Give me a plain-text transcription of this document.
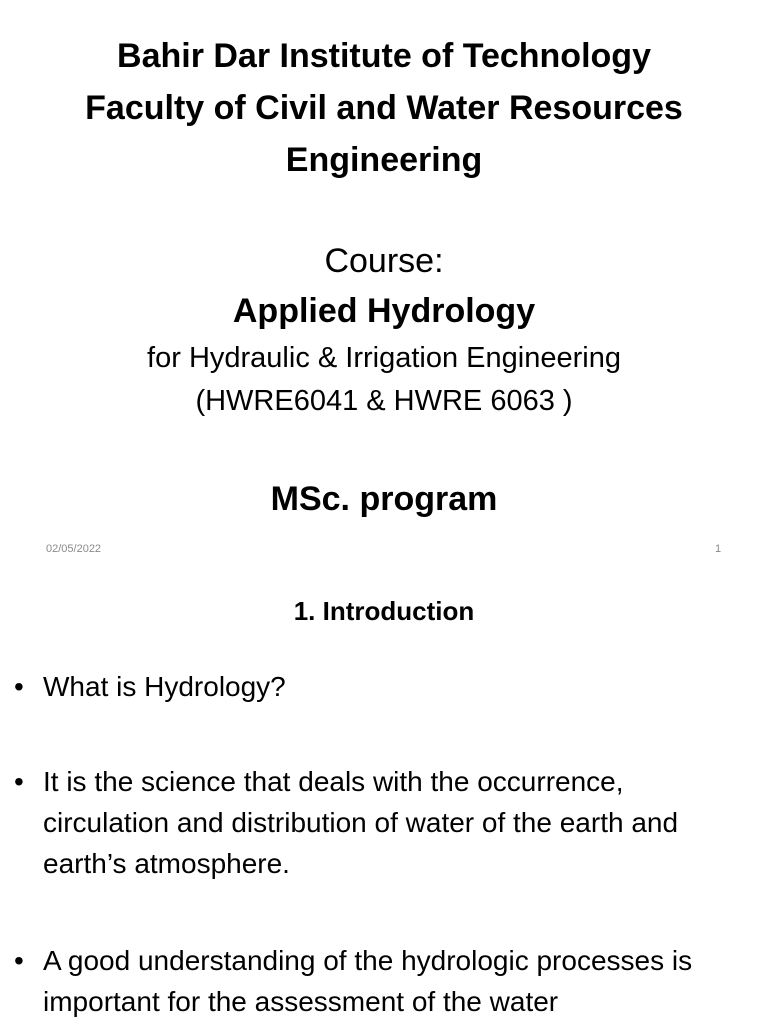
Bahir Dar Institute of Technology
Faculty of Civil and Water Resources
Engineering
Course:
Applied Hydrology
for Hydraulic & Irrigation Engineering
(HWRE6041 & HWRE 6063 )
MSc. program
02/05/2022	1
1. Introduction
• What is Hydrology?
• It is the science that deals with the occurrence, circulation and distribution of water of the earth and earth’s atmosphere.
• A good understanding of the hydrologic processes is important for the assessment of the water
